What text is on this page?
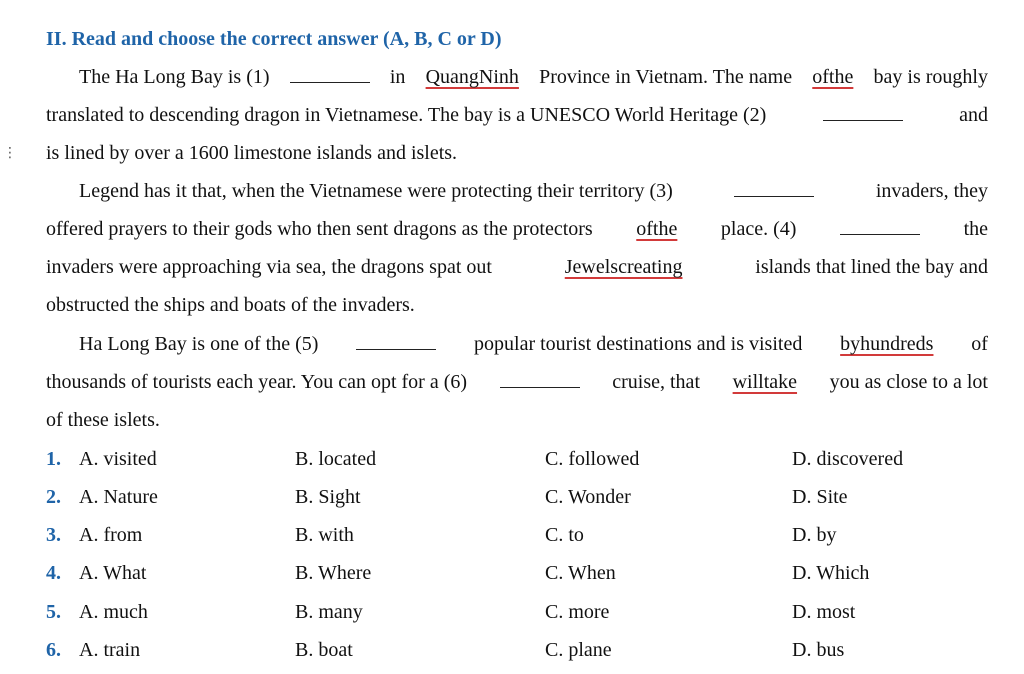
⋮
II. Read and choose the correct answer (A, B, C or D)
The Ha Long Bay is (1)	in QuangNinh Province in Vietnam. The name ofthe bay is roughly
translated to descending dragon in Vietnamese. The bay is a UNESCO World Heritage (2)	and
is lined by over a 1600 limestone islands and islets.
Legend has it that, when the Vietnamese were protecting their territory (3)	invaders, they
offered prayers to their gods who then sent dragons as the protectors ofthe place. (4)	the
invaders were approaching via sea, the dragons spat out	Jewelscreating	islands that lined the bay and
obstructed the ships and boats of the invaders.
Ha Long Bay is one of the (5)	popular tourist destinations and is visited byhundreds of
thousands of tourists each year. You can opt for a (6)	cruise, that willtake you as close to a lot
of these islets.
1. A. visited	B. located	C. followed	D. discovered
2. A. Nature	B. Sight	C. Wonder	D. Site
3. A. from	B. with	C. to	D. by
4. A. What	B. Where	C. When	D. Which
5. A. much	B. many	C. more	D. most
6. A. train	B. boat	C. plane	D. bus
